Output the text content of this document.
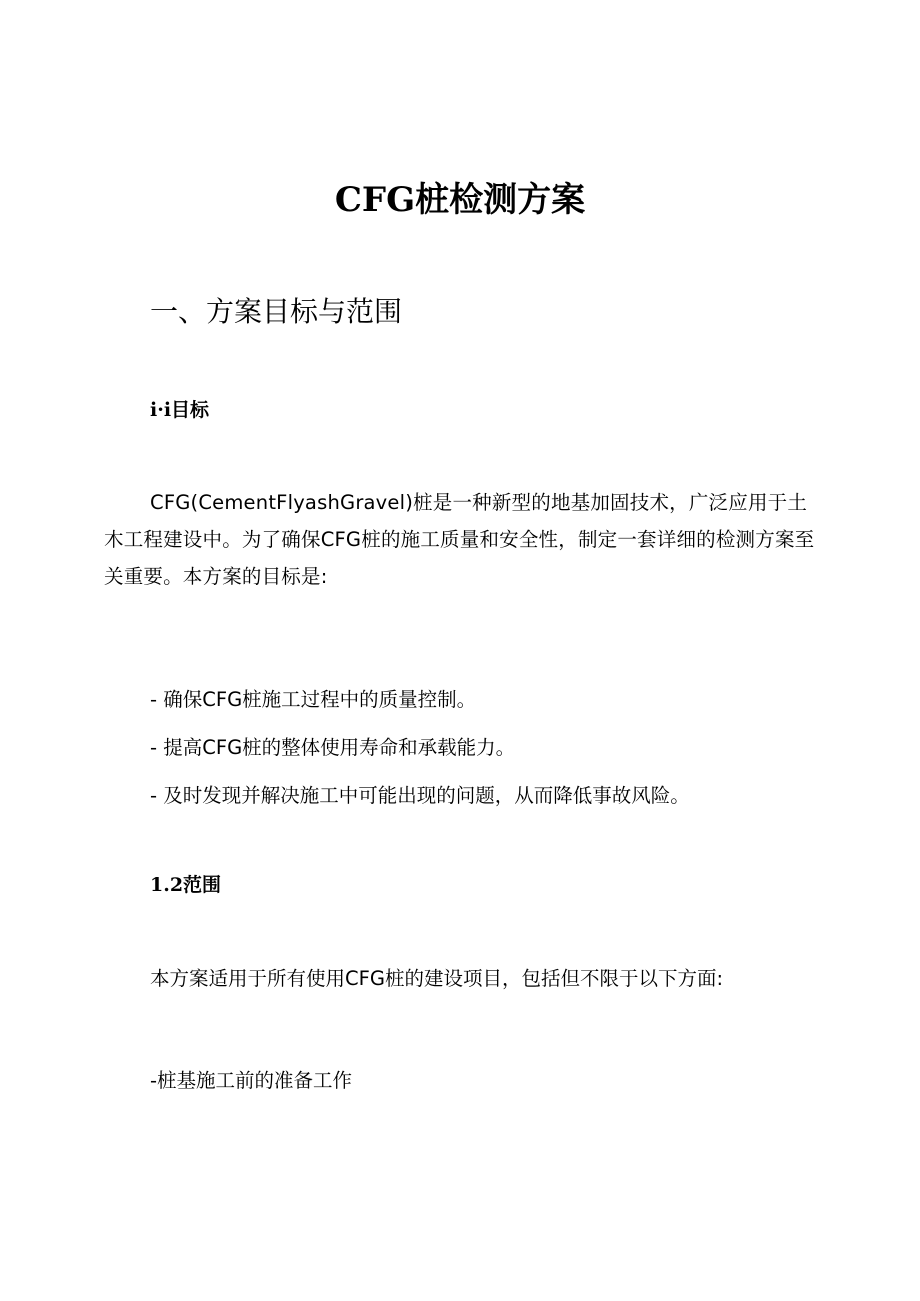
CFG桩检测方案
一、方案目标与范围
i·i目标
CFG(CementFlyashGravel)桩是一种新型的地基加固技术，广泛应用于土木工程建设中。为了确保CFG桩的施工质量和安全性，制定一套详细的检测方案至关重要。本方案的目标是:
- 确保CFG桩施工过程中的质量控制。
- 提高CFG桩的整体使用寿命和承载能力。
- 及时发现并解决施工中可能出现的问题，从而降低事故风险。
1.2范围
本方案适用于所有使用CFG桩的建设项目，包括但不限于以下方面:
-桩基施工前的准备工作
